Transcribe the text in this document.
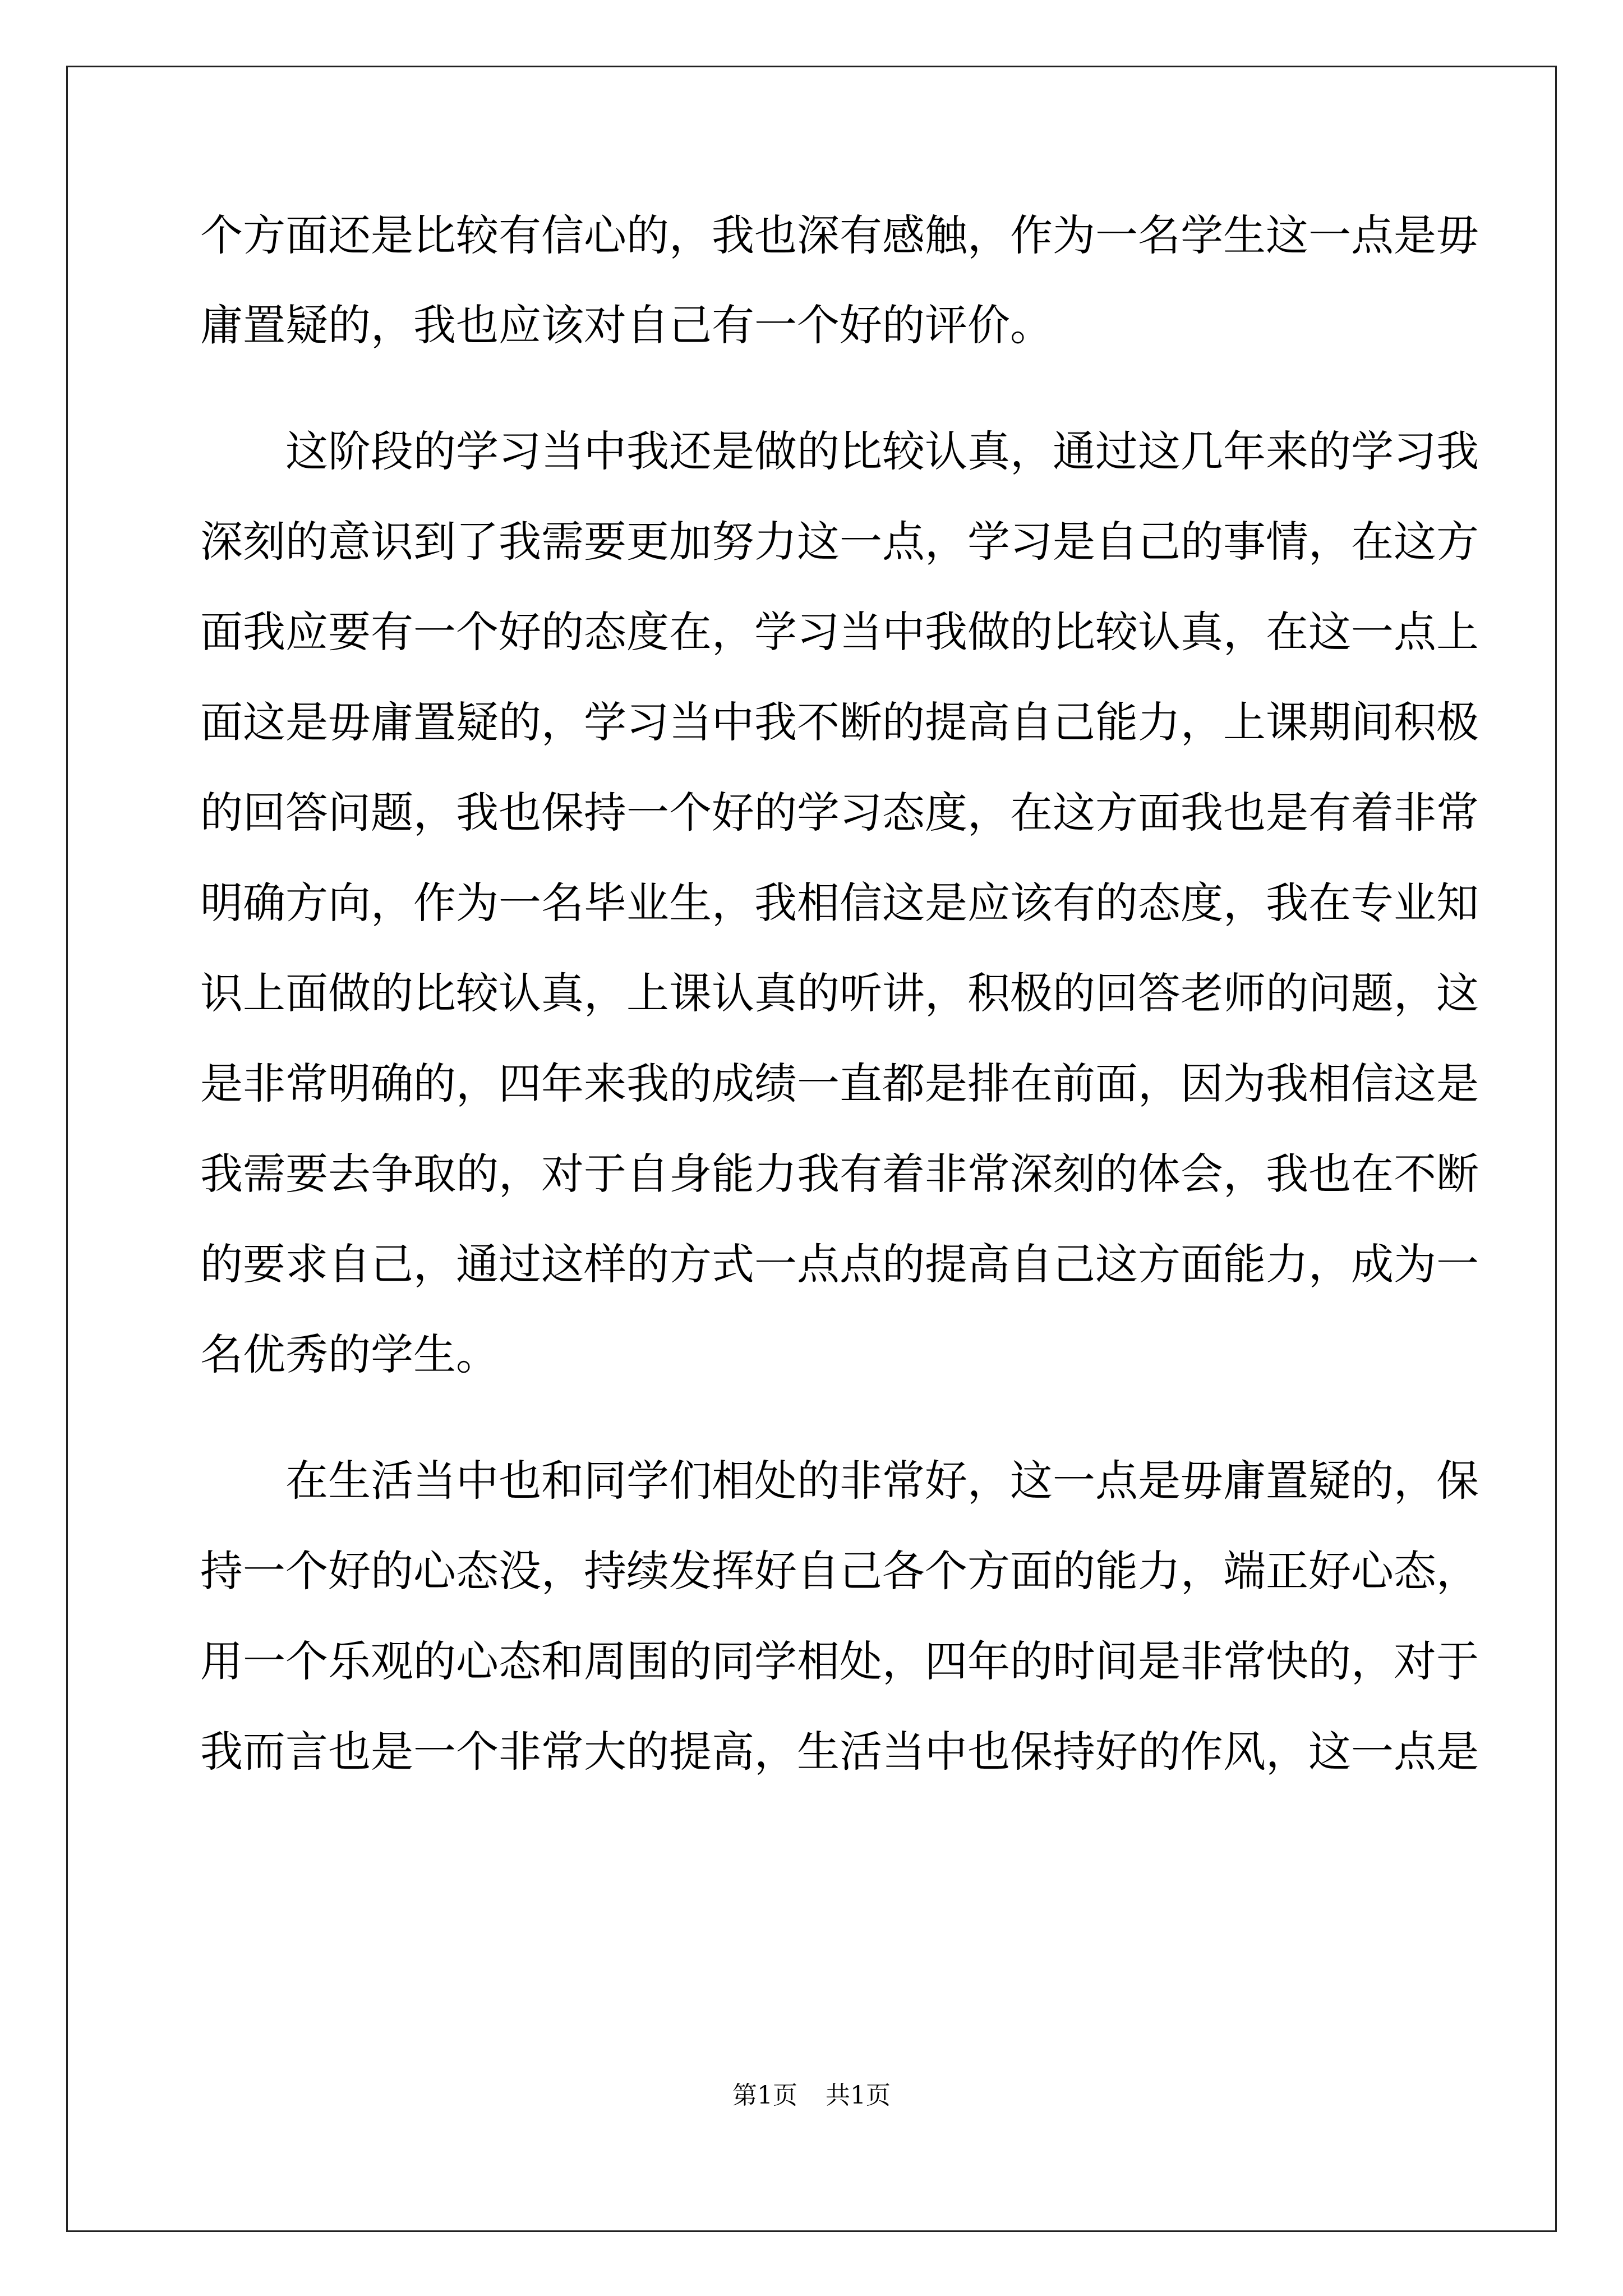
个方面还是比较有信心的，我也深有感触，作为一名学生这一点是毋
庸置疑的，我也应该对自己有一个好的评价。
这阶段的学习当中我还是做的比较认真，通过这几年来的学习我
深刻的意识到了我需要更加努力这一点，学习是自己的事情，在这方
面我应要有一个好的态度在，学习当中我做的比较认真，在这一点上
面这是毋庸置疑的，学习当中我不断的提高自己能力，上课期间积极
的回答问题，我也保持一个好的学习态度，在这方面我也是有着非常
明确方向，作为一名毕业生，我相信这是应该有的态度，我在专业知
识上面做的比较认真，上课认真的听讲，积极的回答老师的问题，这
是非常明确的，四年来我的成绩一直都是排在前面，因为我相信这是
我需要去争取的，对于自身能力我有着非常深刻的体会，我也在不断
的要求自己，通过这样的方式一点点的提高自己这方面能力，成为一
名优秀的学生。
在生活当中也和同学们相处的非常好，这一点是毋庸置疑的，保
持一个好的心态没，持续发挥好自己各个方面的能力，端正好心态，
用一个乐观的心态和周围的同学相处，四年的时间是非常快的，对于
我而言也是一个非常大的提高，生活当中也保持好的作风，这一点是
第1页 共1页
